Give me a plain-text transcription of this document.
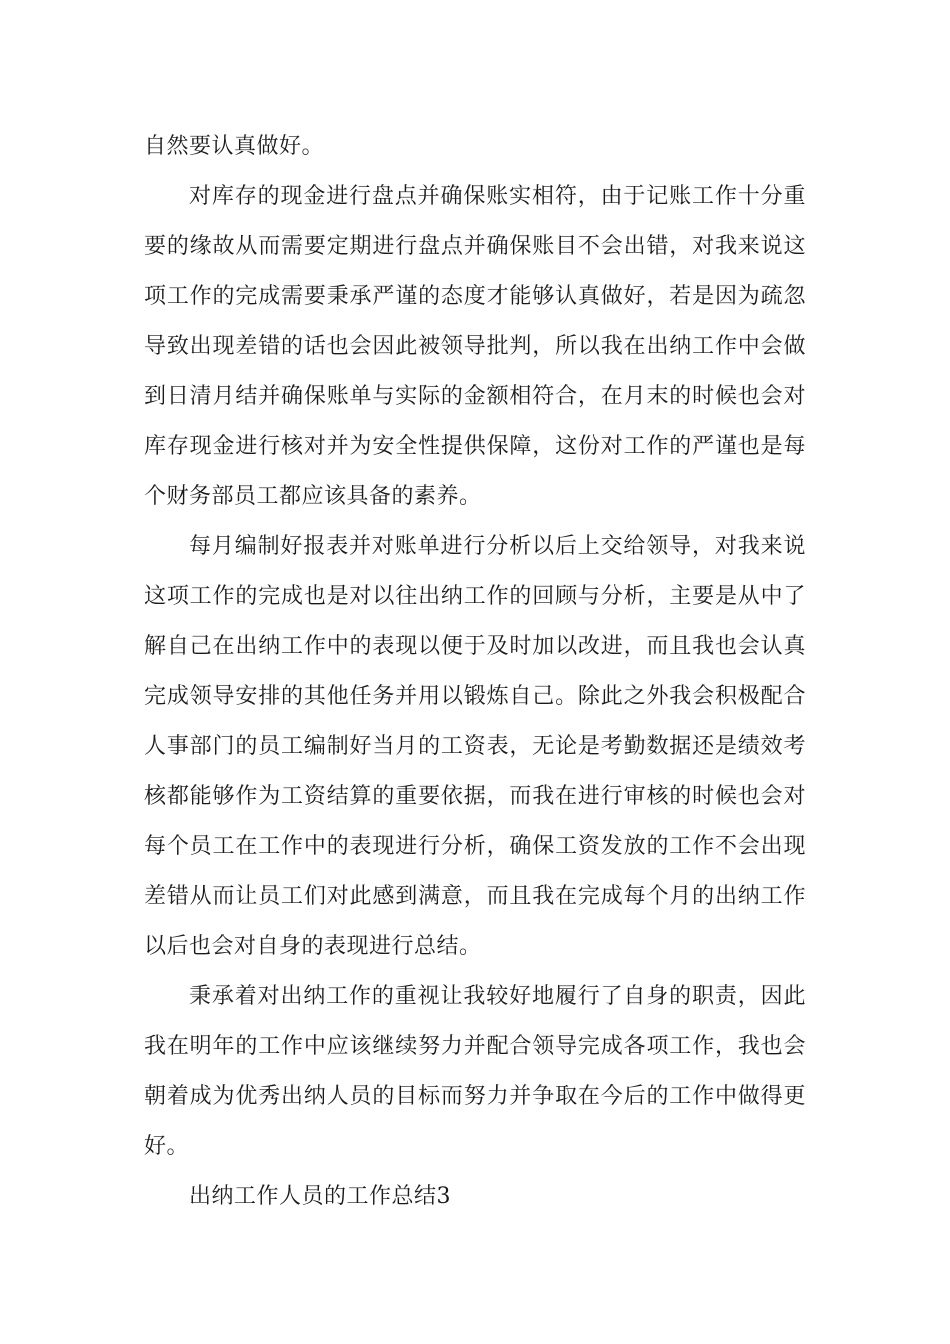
自然要认真做好。

对库存的现金进行盘点并确保账实相符，由于记账工作十分重要的缘故从而需要定期进行盘点并确保账目不会出错，对我来说这项工作的完成需要秉承严谨的态度才能够认真做好，若是因为疏忽导致出现差错的话也会因此被领导批判，所以我在出纳工作中会做到日清月结并确保账单与实际的金额相符合，在月末的时候也会对库存现金进行核对并为安全性提供保障，这份对工作的严谨也是每个财务部员工都应该具备的素养。

每月编制好报表并对账单进行分析以后上交给领导，对我来说这项工作的完成也是对以往出纳工作的回顾与分析，主要是从中了解自己在出纳工作中的表现以便于及时加以改进，而且我也会认真完成领导安排的其他任务并用以锻炼自己。除此之外我会积极配合人事部门的员工编制好当月的工资表，无论是考勤数据还是绩效考核都能够作为工资结算的重要依据，而我在进行审核的时候也会对每个员工在工作中的表现进行分析，确保工资发放的工作不会出现差错从而让员工们对此感到满意，而且我在完成每个月的出纳工作以后也会对自身的表现进行总结。

秉承着对出纳工作的重视让我较好地履行了自身的职责，因此我在明年的工作中应该继续努力并配合领导完成各项工作，我也会朝着成为优秀出纳人员的目标而努力并争取在今后的工作中做得更好。

出纳工作人员的工作总结3
